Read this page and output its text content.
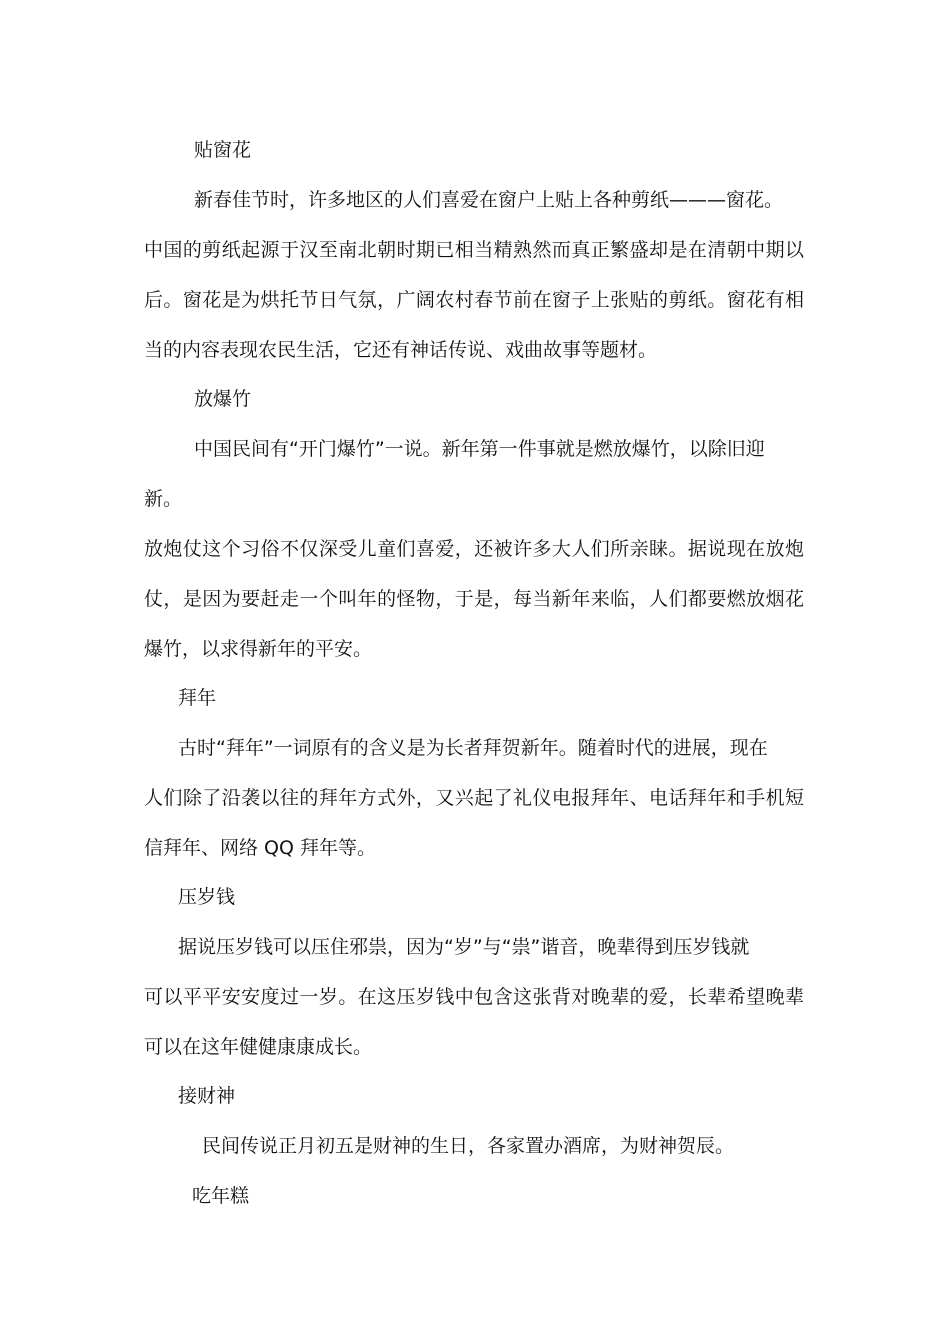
贴窗花
新春佳节时，许多地区的人们喜爱在窗户上贴上各种剪纸———窗花。
中国的剪纸起源于汉至南北朝时期已相当精熟然而真正繁盛却是在清朝中期以
后。窗花是为烘托节日气氛，广阔农村春节前在窗子上张贴的剪纸。窗花有相
当的内容表现农民生活，它还有神话传说、戏曲故事等题材。
放爆竹
中国民间有“开门爆竹”一说。新年第一件事就是燃放爆竹，以除旧迎
新。
放炮仗这个习俗不仅深受儿童们喜爱，还被许多大人们所亲睐。据说现在放炮
仗，是因为要赶走一个叫年的怪物，于是，每当新年来临，人们都要燃放烟花
爆竹，以求得新年的平安。
拜年
古时“拜年”一词原有的含义是为长者拜贺新年。随着时代的进展，现在
人们除了沿袭以往的拜年方式外，又兴起了礼仪电报拜年、电话拜年和手机短
信拜年、网络 QQ 拜年等。
压岁钱
据说压岁钱可以压住邪祟，因为“岁”与“祟”谐音，晚辈得到压岁钱就
可以平平安安度过一岁。在这压岁钱中包含这张背对晚辈的爱，长辈希望晚辈
可以在这年健健康康成长。
接财神
民间传说正月初五是财神的生日，各家置办酒席，为财神贺辰。
吃年糕
